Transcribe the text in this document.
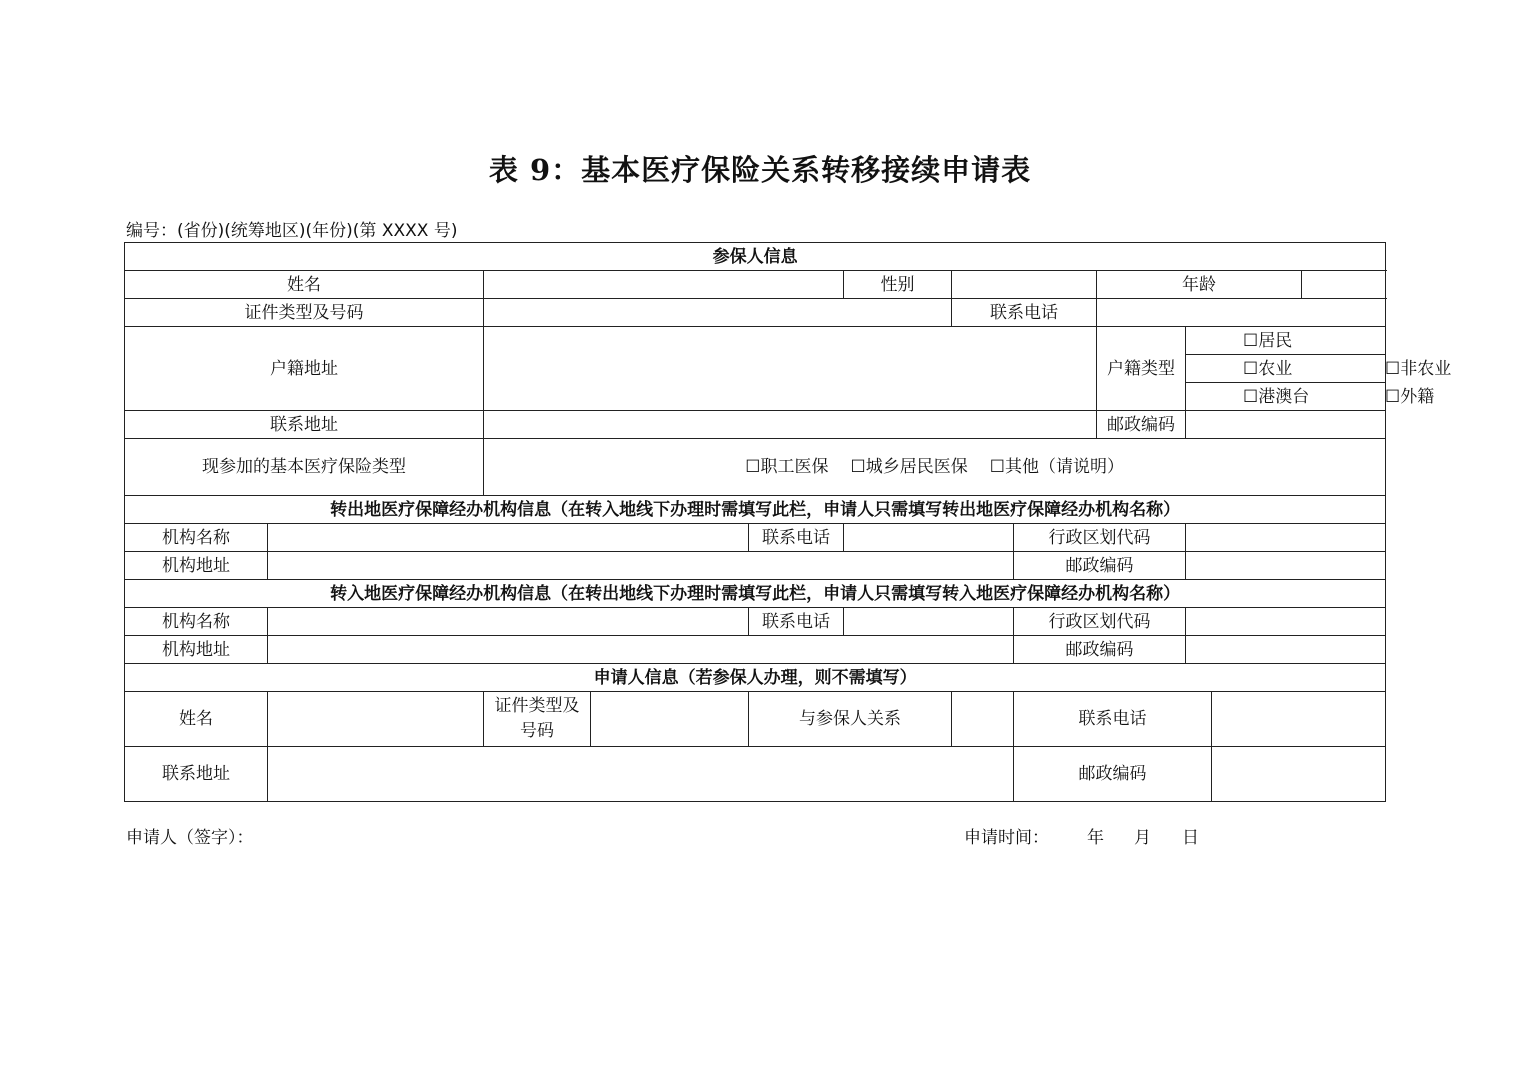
表 9：基本医疗保险关系转移接续申请表
编号：(省份)(统筹地区)(年份)(第 XXXX 号)
参保人信息											
姓名					性别			年龄			
证件类型及号码						联系电话					
户籍地址								户籍类型	☐居民		
									☐农业 ☐非农业		
									☐港澳台 ☐外籍		
联系地址								邮政编码			
现参加的基本医疗保险类型		☐职工医保 ☐城乡居民医保 ☐其他（请说明）									
转出地医疗保障经办机构信息（在转入地线下办理时需填写此栏，申请人只需填写转出地医疗保障经办机构名称）											
机构名称				联系电话			行政区划代码				
机构地址							邮政编码				
转入地医疗保障经办机构信息（在转出地线下办理时需填写此栏，申请人只需填写转入地医疗保障经办机构名称）											
机构名称				联系电话			行政区划代码				
机构地址							邮政编码				
申请人信息（若参保人办理，则不需填写）											
姓名		证件类型及号码		与参保人关系			联系电话				
联系地址							邮政编码				
申请人（签字）：	申请时间： 年 月 日
